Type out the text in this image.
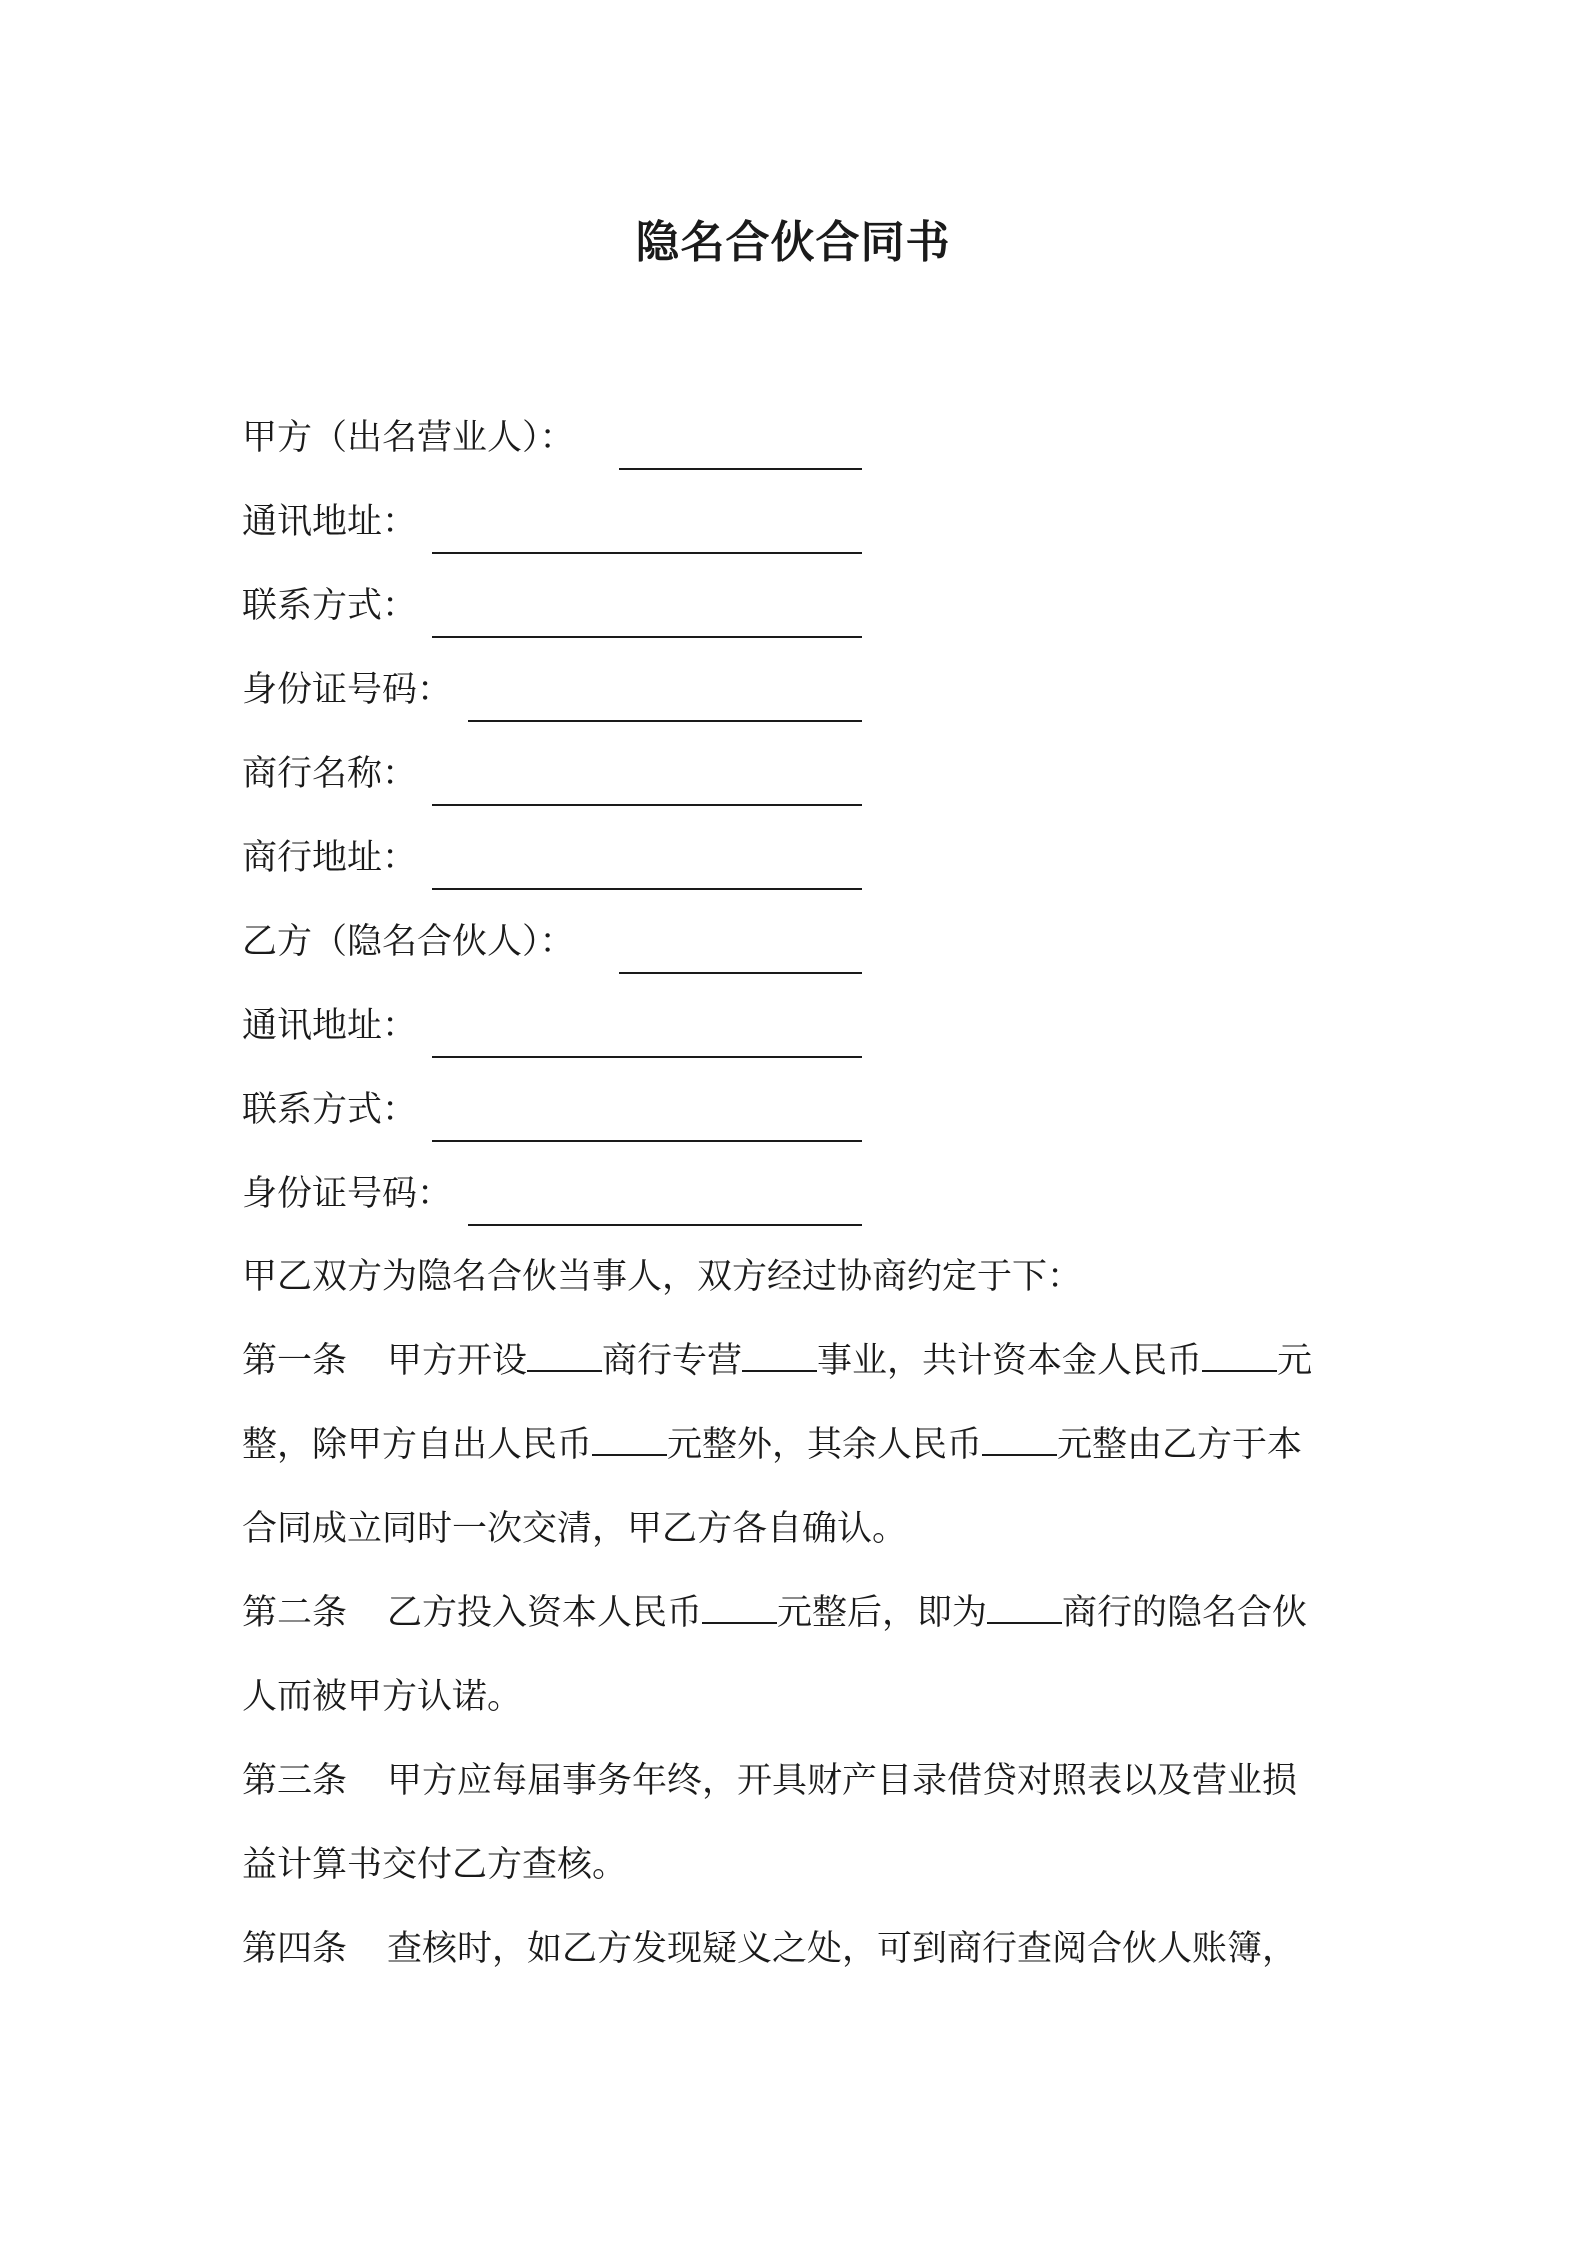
隐名合伙合同书
甲方（出名营业人）：
通讯地址：
联系方式：
身份证号码：
商行名称：
商行地址：
乙方（隐名合伙人）：
通讯地址：
联系方式：
身份证号码：
甲乙双方为隐名合伙当事人，双方经过协商约定于下：
第一条 甲方开设 商行专营 事业，共计资本金人民币 元
整，除甲方自出人民币 元整外，其余人民币 元整由乙方于本
合同成立同时一次交清，甲乙方各自确认。
第二条 乙方投入资本人民币 元整后，即为 商行的隐名合伙
人而被甲方认诺。
第三条 甲方应每届事务年终，开具财产目录借贷对照表以及营业损
益计算书交付乙方查核。
第四条 查核时，如乙方发现疑义之处，可到商行查阅合伙人账簿，
